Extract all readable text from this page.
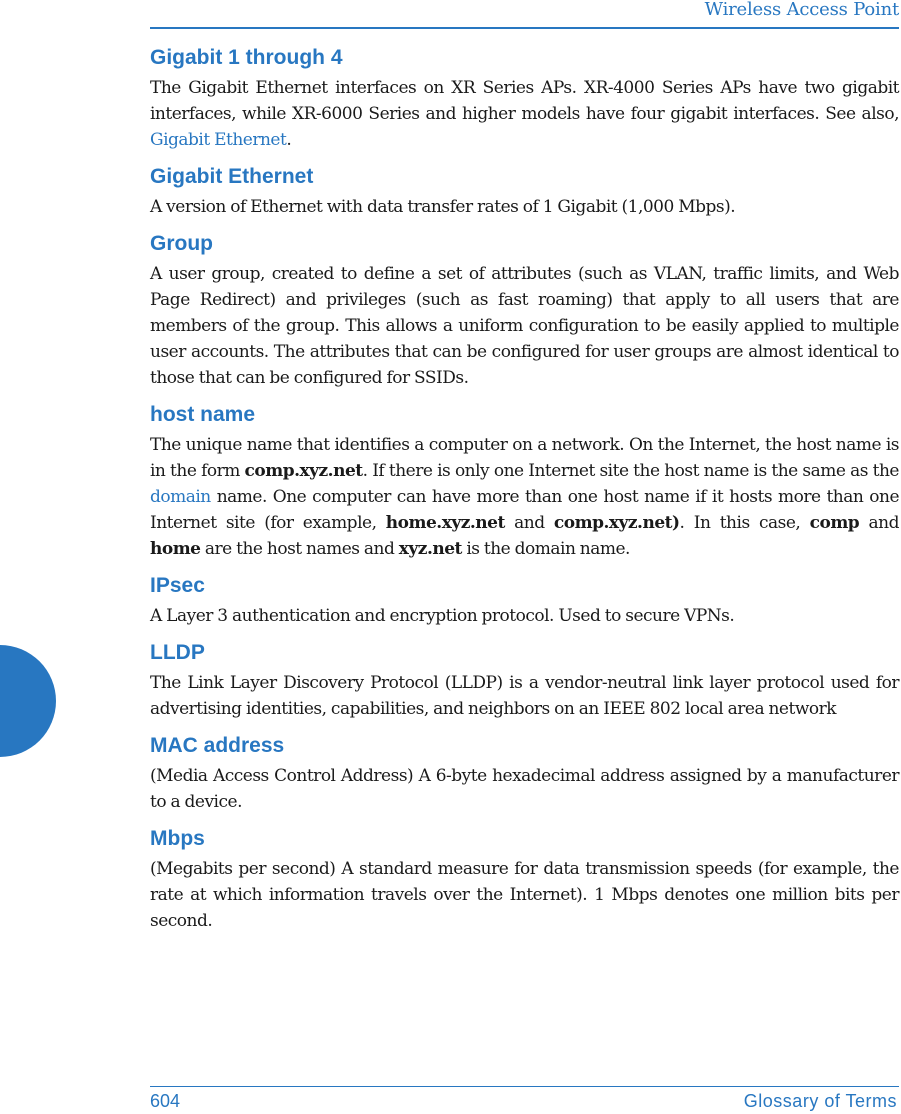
Wireless Access Point
Gigabit 1 through 4

The Gigabit Ethernet interfaces on XR Series APs. XR-4000 Series APs have two gigabit interfaces, while XR-6000 Series and higher models have four gigabit interfaces. See also, Gigabit Ethernet.

Gigabit Ethernet

A version of Ethernet with data transfer rates of 1 Gigabit (1,000 Mbps).

Group

A user group, created to define a set of attributes (such as VLAN, traffic limits, and Web Page Redirect) and privileges (such as fast roaming) that apply to all users that are members of the group. This allows a uniform configuration to be easily applied to multiple user accounts. The attributes that can be configured for user groups are almost identical to those that can be configured for SSIDs.

host name

The unique name that identifies a computer on a network. On the Internet, the host name is in the form comp.xyz.net. If there is only one Internet site the host name is the same as the domain name. One computer can have more than one host name if it hosts more than one Internet site (for example, home.xyz.net and comp.xyz.net). In this case, comp and home are the host names and xyz.net is the domain name.

IPsec

A Layer 3 authentication and encryption protocol. Used to secure VPNs.

LLDP

The Link Layer Discovery Protocol (LLDP) is a vendor-neutral link layer protocol used for advertising identities, capabilities, and neighbors on an IEEE 802 local area network

MAC address

(Media Access Control Address) A 6-byte hexadecimal address assigned by a manufacturer to a device.

Mbps

(Megabits per second) A standard measure for data transmission speeds (for example, the rate at which information travels over the Internet). 1 Mbps denotes one million bits per second.

604	Glossary of Terms
